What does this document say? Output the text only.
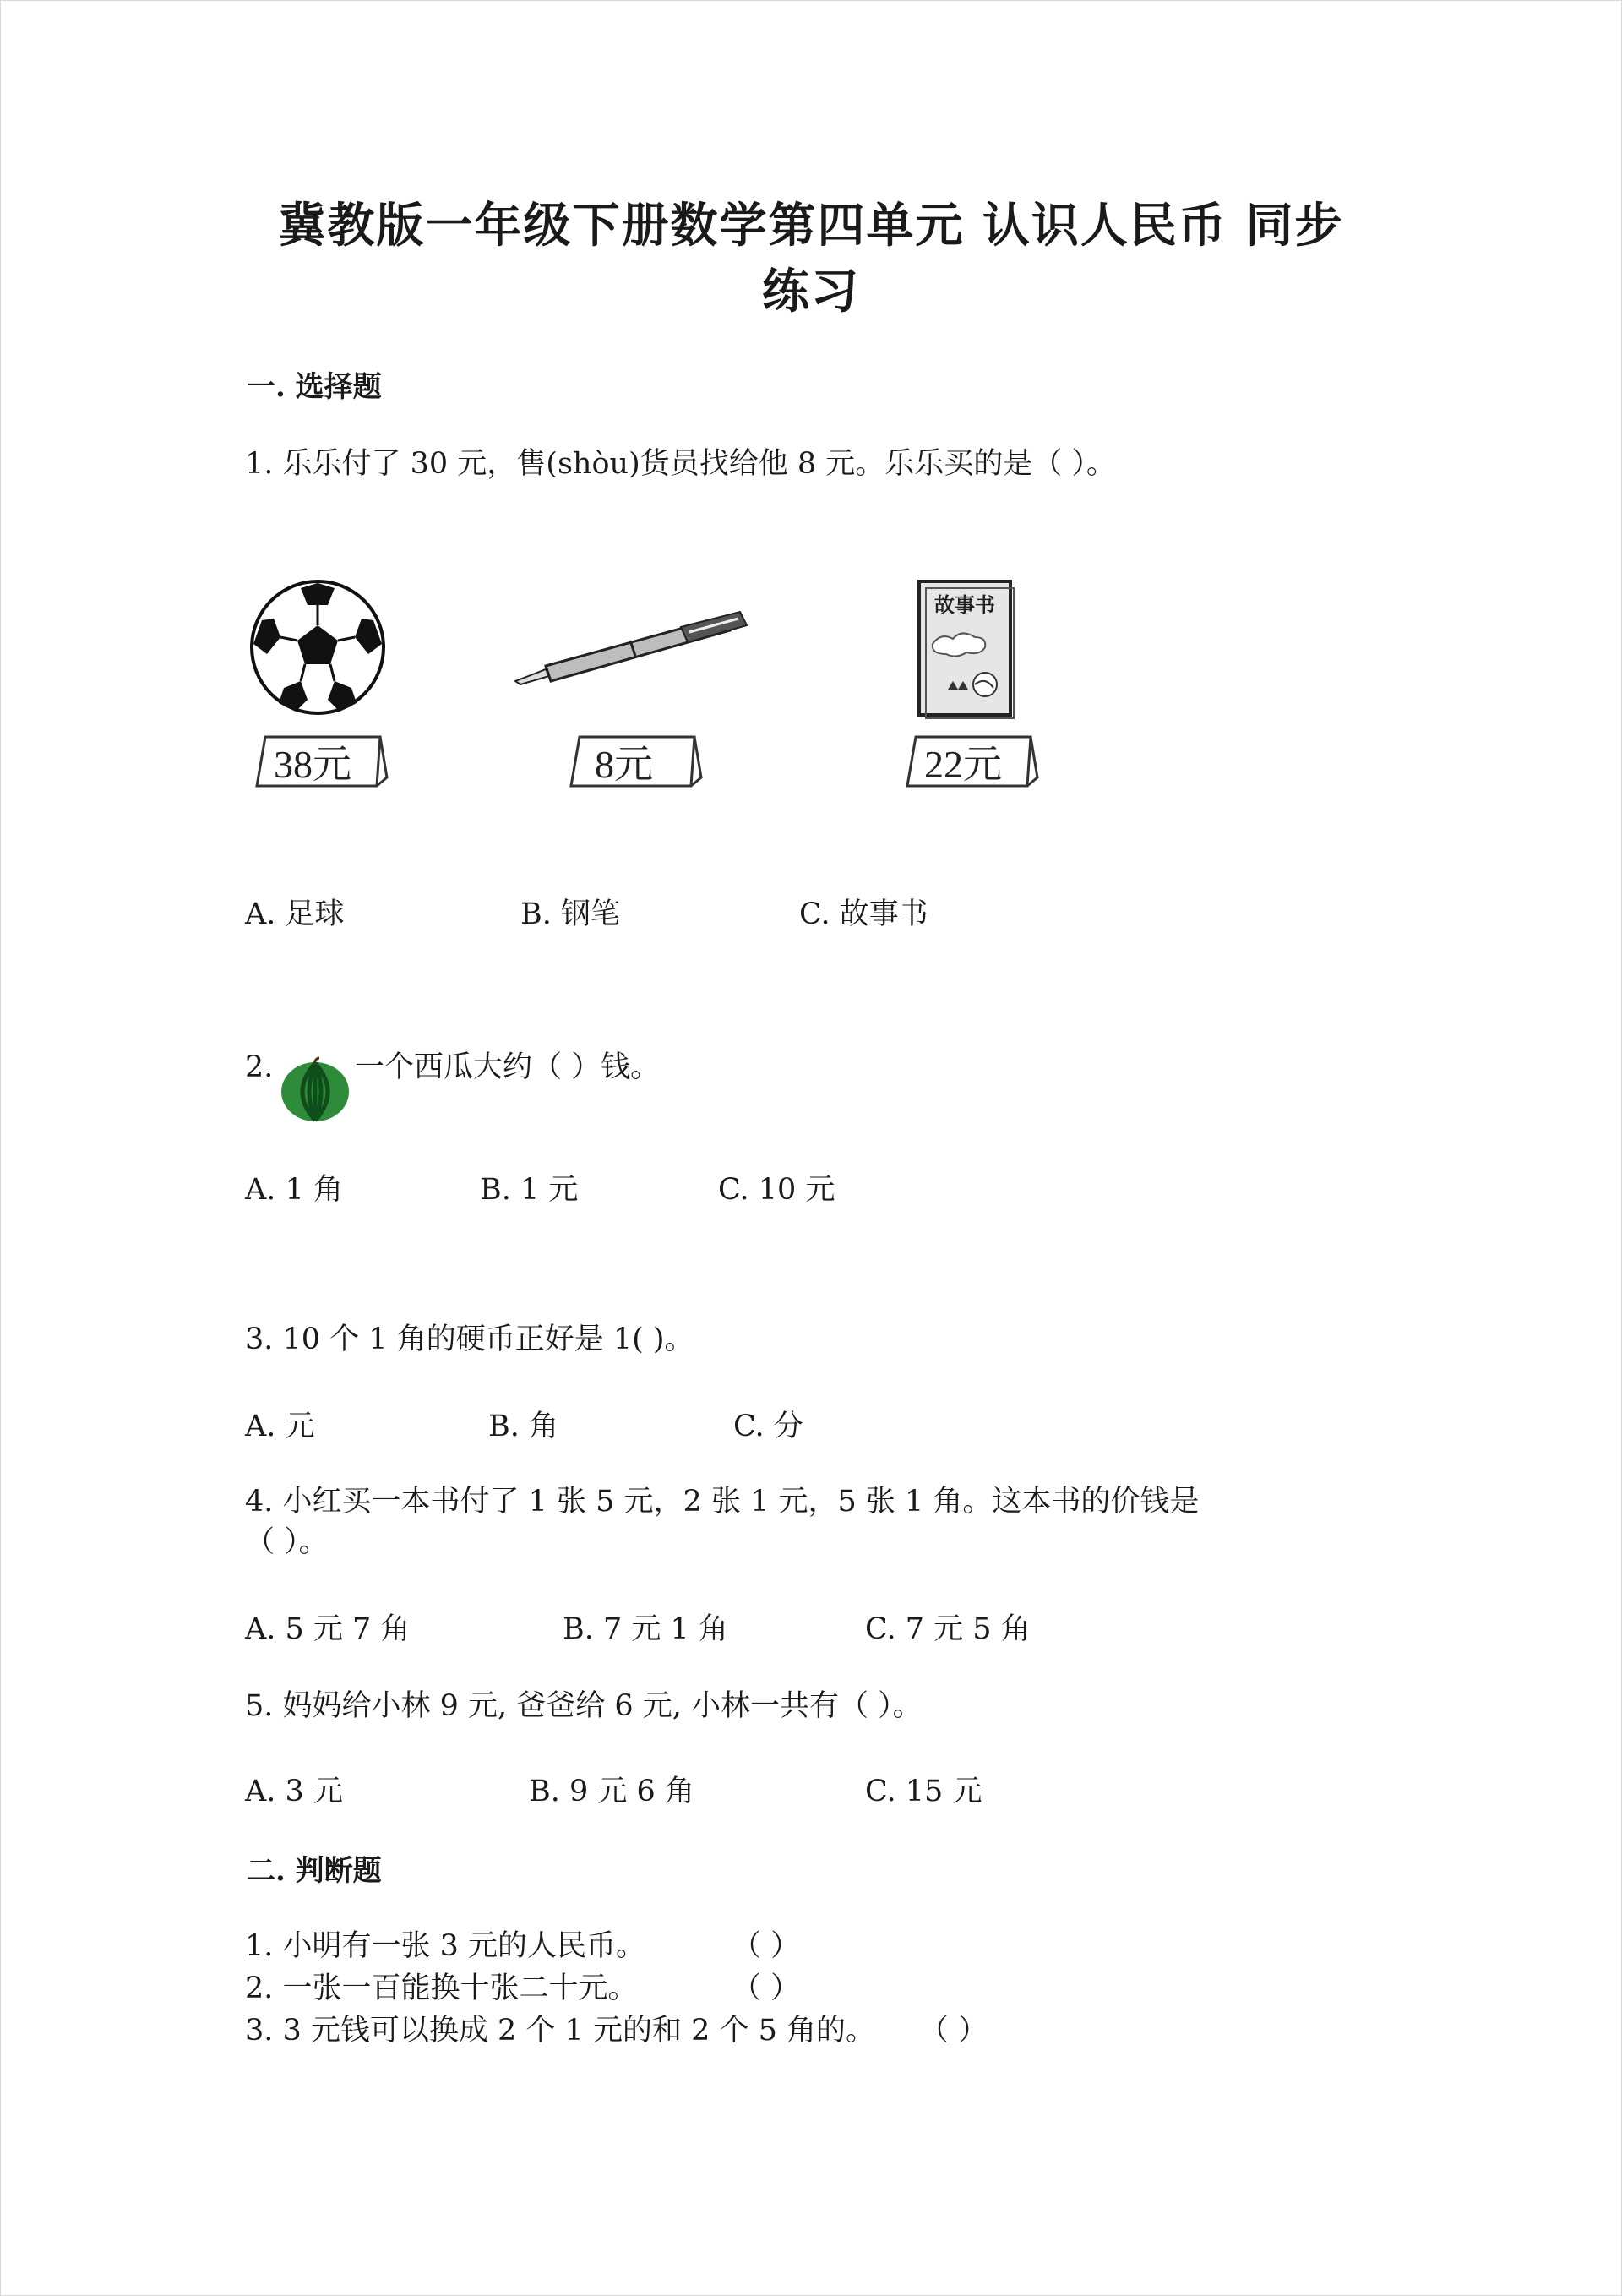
冀教版一年级下册数学第四单元 认识人民币 同步
练习
一. 选择题
1. 乐乐付了 30 元，售(shòu)货员找给他 8 元。乐乐买的是（ ）。
38元	8元
故事书
22元
A. 足球	B. 钢笔	C. 故事书
2.	一个西瓜大约（ ）钱。
A. 1 角	B. 1 元	C. 10 元
3. 10 个 1 角的硬币正好是 1( )。
A. 元	B. 角	C. 分
4. 小红买一本书付了 1 张 5 元，2 张 1 元，5 张 1 角。这本书的价钱是
（ ）。
A. 5 元 7 角	B. 7 元 1 角	C. 7 元 5 角
5. 妈妈给小林 9 元, 爸爸给 6 元, 小林一共有（ ）。
A. 3 元	B. 9 元 6 角	C. 15 元
二. 判断题
1. 小明有一张 3 元的人民币。	（ ）
2. 一张一百能换十张二十元。	（ ）
3. 3 元钱可以换成 2 个 1 元的和 2 个 5 角的。 （ ）
